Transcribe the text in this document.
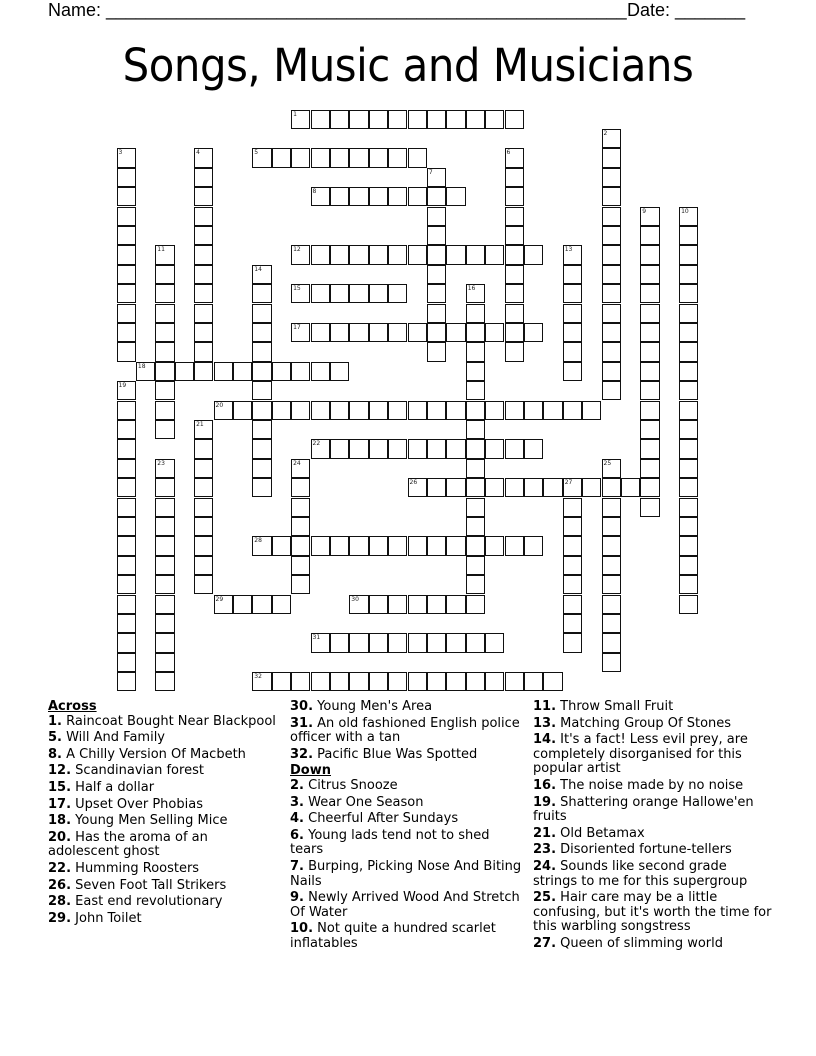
Name: ____________________________________________________ Date: _______
Songs, Music and Musicians
1
2
3	4	5	6
7
8
9	10
11	12	13
14
15	16
17
18
19
20
21
22
23	24	25
26	27
28
29	30
31
32
Across
1. Raincoat Bought Near Blackpool
5. Will And Family
8. A Chilly Version Of Macbeth
12. Scandinavian forest
15. Half a dollar
17. Upset Over Phobias
18. Young Men Selling Mice
20. Has the aroma of an adolescent ghost
22. Humming Roosters
26. Seven Foot Tall Strikers
28. East end revolutionary
29. John Toilet
30. Young Men's Area
31. An old fashioned English police officer with a tan
32. Pacific Blue Was Spotted
Down
2. Citrus Snooze
3. Wear One Season
4. Cheerful After Sundays
6. Young lads tend not to shed tears
7. Burping, Picking Nose And Biting Nails
9. Newly Arrived Wood And Stretch Of Water
10. Not quite a hundred scarlet inflatables
11. Throw Small Fruit
13. Matching Group Of Stones
14. It's a fact! Less evil prey, are completely disorganised for this popular artist
16. The noise made by no noise
19. Shattering orange Hallowe'en fruits
21. Old Betamax
23. Disoriented fortune-tellers
24. Sounds like second grade strings to me for this supergroup
25. Hair care may be a little confusing, but it's worth the time for this warbling songstress
27. Queen of slimming world
